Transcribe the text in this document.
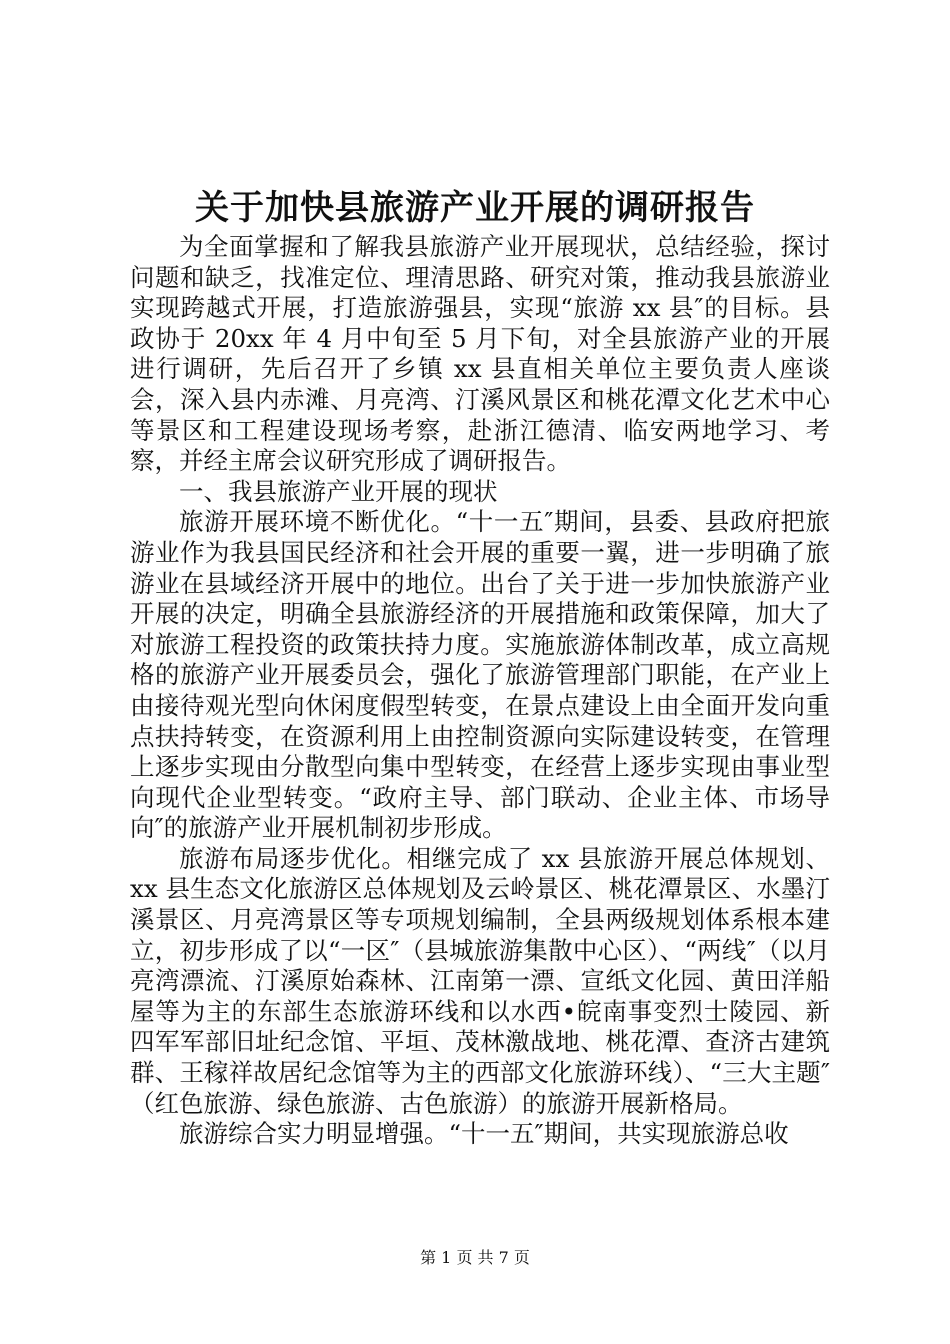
关于加快县旅游产业开展的调研报告

为全面掌握和了解我县旅游产业开展现状，总结经验，探讨问题和缺乏，找准定位、理清思路、研究对策，推动我县旅游业实现跨越式开展，打造旅游强县，实现“旅游 xx 县″的目标。县政协于 20xx 年 4 月中旬至 5 月下旬，对全县旅游产业的开展进行调研，先后召开了乡镇 xx 县直相关单位主要负责人座谈会，深入县内赤滩、月亮湾、汀溪风景区和桃花潭文化艺术中心等景区和工程建设现场考察，赴浙江德清、临安两地学习、考察，并经主席会议研究形成了调研报告。

一、我县旅游产业开展的现状

旅游开展环境不断优化。“十一五″期间，县委、县政府把旅游业作为我县国民经济和社会开展的重要一翼，进一步明确了旅游业在县域经济开展中的地位。出台了关于进一步加快旅游产业开展的决定，明确全县旅游经济的开展措施和政策保障，加大了对旅游工程投资的政策扶持力度。实施旅游体制改革，成立高规格的旅游产业开展委员会，强化了旅游管理部门职能，在产业上由接待观光型向休闲度假型转变，在景点建设上由全面开发向重点扶持转变，在资源利用上由控制资源向实际建设转变，在管理上逐步实现由分散型向集中型转变，在经营上逐步实现由事业型向现代企业型转变。“政府主导、部门联动、企业主体、市场导向″的旅游产业开展机制初步形成。

旅游布局逐步优化。相继完成了 xx 县旅游开展总体规划、xx 县生态文化旅游区总体规划及云岭景区、桃花潭景区、水墨汀溪景区、月亮湾景区等专项规划编制，全县两级规划体系根本建立，初步形成了以“一区″（县城旅游集散中心区）、“两线″（以月亮湾漂流、汀溪原始森林、江南第一漂、宣纸文化园、黄田洋船屋等为主的东部生态旅游环线和以水西•皖南事变烈士陵园、新四军军部旧址纪念馆、平垣、茂林激战地、桃花潭、查济古建筑群、王稼祥故居纪念馆等为主的西部文化旅游环线）、“三大主题″（红色旅游、绿色旅游、古色旅游）的旅游开展新格局。

旅游综合实力明显增强。“十一五″期间，共实现旅游总收

第 1 页 共 7 页
